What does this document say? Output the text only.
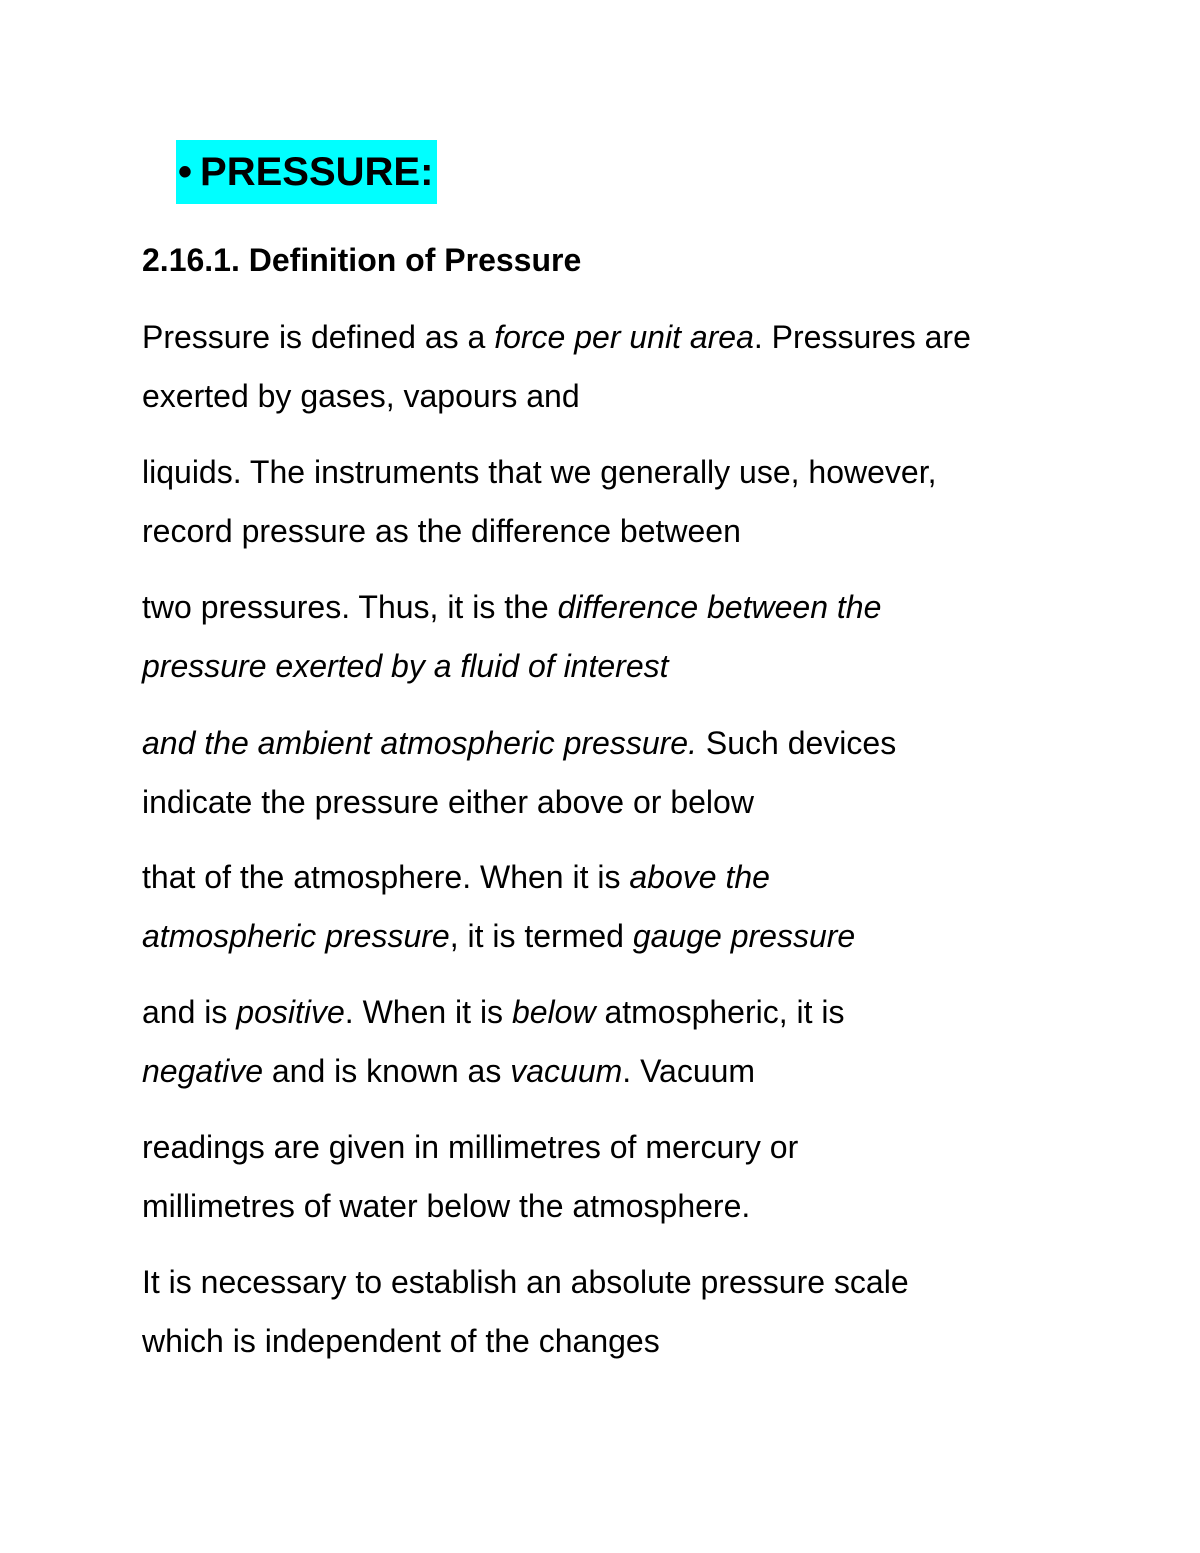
• PRESSURE:
2.16.1. Definition of Pressure

Pressure is defined as a force per unit area. Pressures are
exerted by gases, vapours and

liquids. The instruments that we generally use, however,
record pressure as the difference between

two pressures. Thus, it is the difference between the
pressure exerted by a fluid of interest

and the ambient atmospheric pressure. Such devices
indicate the pressure either above or below

that of the atmosphere. When it is above the
atmospheric pressure, it is termed gauge pressure

and is positive. When it is below atmospheric, it is
negative and is known as vacuum. Vacuum

readings are given in millimetres of mercury or
millimetres of water below the atmosphere.

It is necessary to establish an absolute pressure scale
which is independent of the changes
